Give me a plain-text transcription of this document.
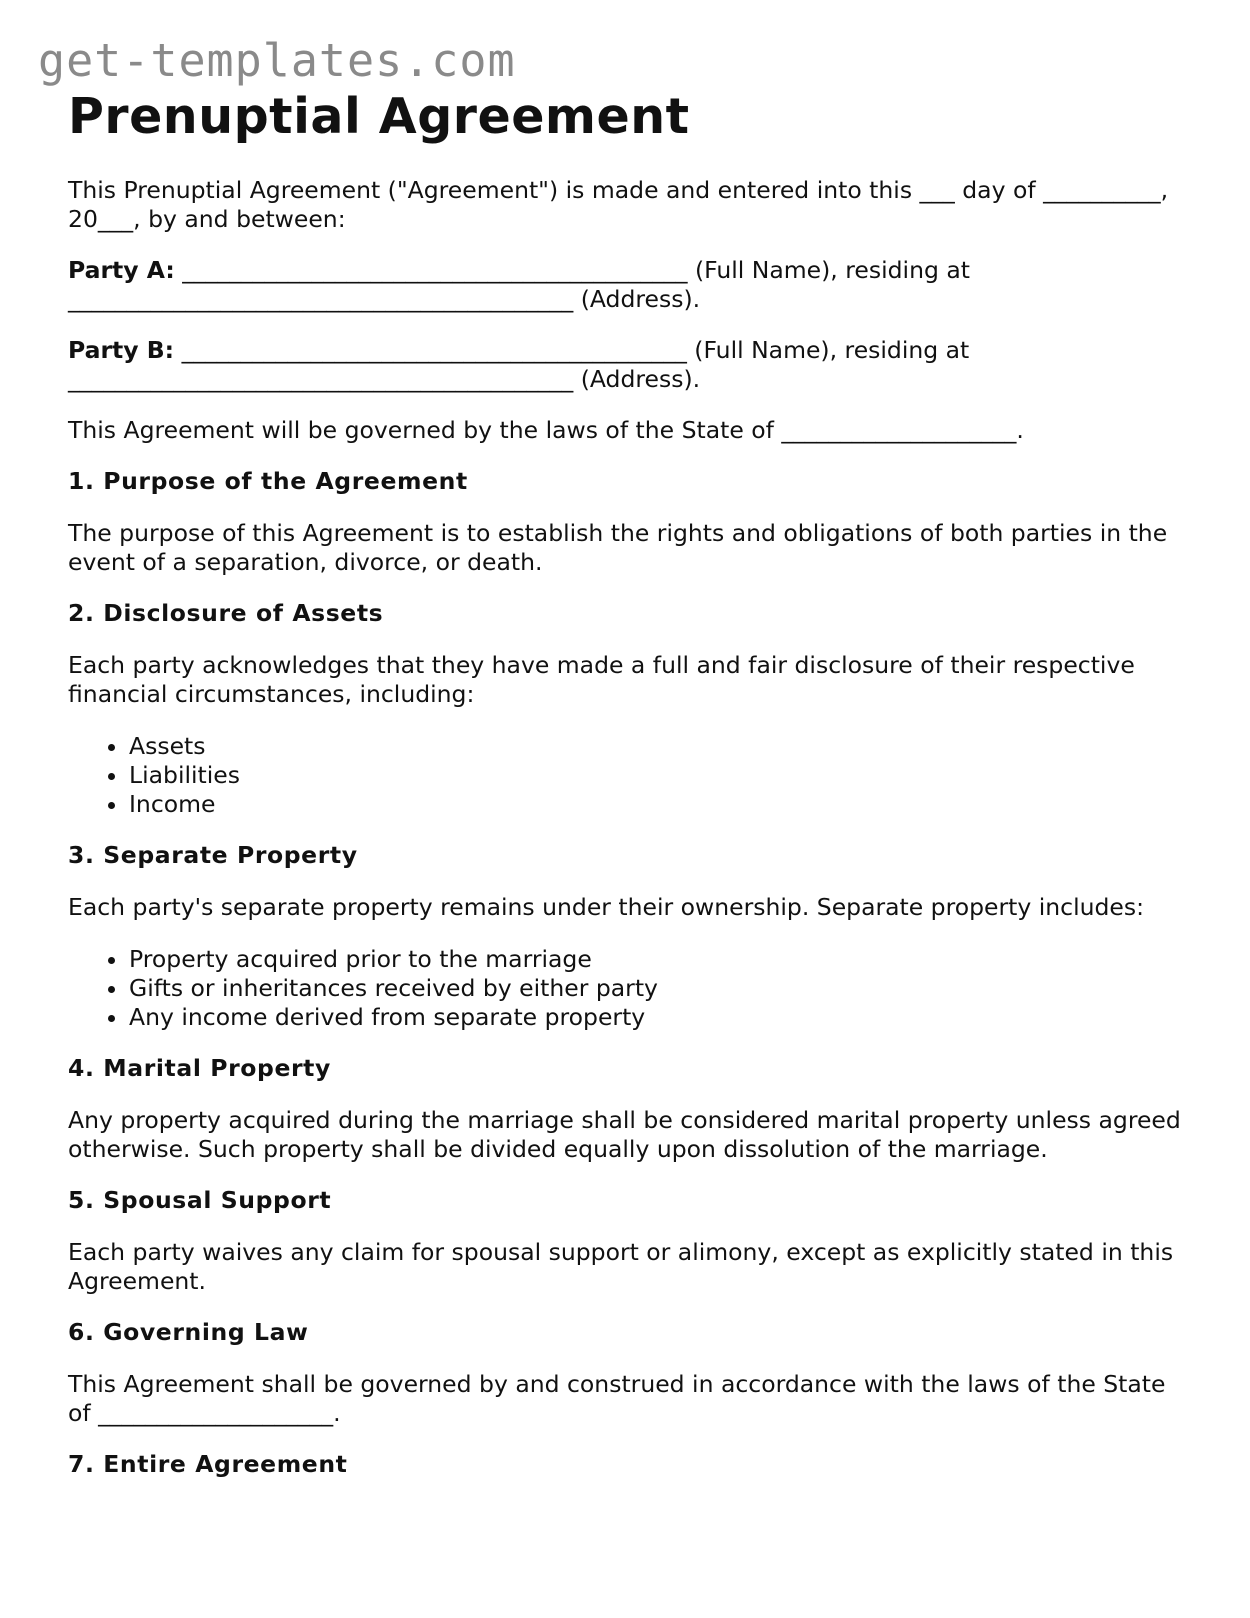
get-templates.com
Prenuptial Agreement

This Prenuptial Agreement ("Agreement") is made and entered into this ___ day of __________, 20___, by and between:

Party A: ___________________________________________ (Full Name), residing at ___________________________________________ (Address).

Party B: ___________________________________________ (Full Name), residing at ___________________________________________ (Address).

This Agreement will be governed by the laws of the State of ____________________.

1. Purpose of the Agreement

The purpose of this Agreement is to establish the rights and obligations of both parties in the event of a separation, divorce, or death.

2. Disclosure of Assets

Each party acknowledges that they have made a full and fair disclosure of their respective financial circumstances, including:

• Assets
• Liabilities
• Income
3. Separate Property

Each party's separate property remains under their ownership. Separate property includes:

• Property acquired prior to the marriage
• Gifts or inheritances received by either party
• Any income derived from separate property
4. Marital Property

Any property acquired during the marriage shall be considered marital property unless agreed otherwise. Such property shall be divided equally upon dissolution of the marriage.

5. Spousal Support

Each party waives any claim for spousal support or alimony, except as explicitly stated in this Agreement.

6. Governing Law

This Agreement shall be governed by and construed in accordance with the laws of the State of ____________________.

7. Entire Agreement
